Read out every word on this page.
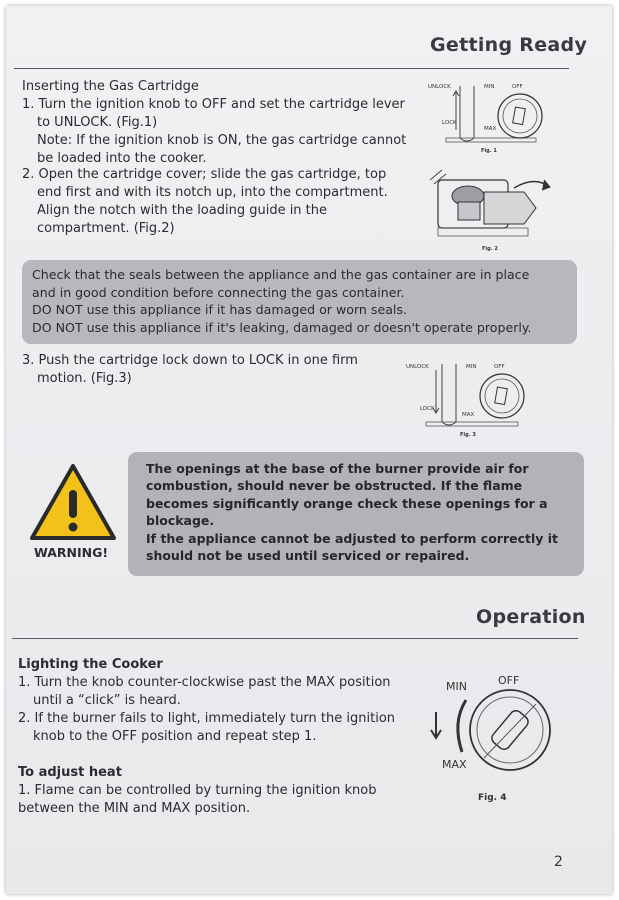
Getting Ready
Inserting the Gas Cartridge
1. Turn the ignition knob to OFF and set the cartridge lever
to UNLOCK. (Fig.1)
Note: If the ignition knob is ON, the gas cartridge cannot
be loaded into the cooker.
2. Open the cartridge cover; slide the gas cartridge, top
end first and with its notch up, into the compartment.
Align the notch with the loading guide in the
compartment. (Fig.2)
UNLOCK	MIN	OFF
LOCK
MAX
Fig. 1
Fig. 2
Check that the seals between the appliance and the gas container are in place
and in good condition before connecting the gas container.
DO NOT use this appliance if it has damaged or worn seals.
DO NOT use this appliance if it's leaking, damaged or doesn't operate properly.
3. Push the cartridge lock down to LOCK in one firm
motion. (Fig.3)
UNLOCK	MIN	OFF
LOCK
MAX
Fig. 3
WARNING!
The openings at the base of the burner provide air for
combustion, should never be obstructed. If the flame
becomes significantly orange check these openings for a
blockage.
If the appliance cannot be adjusted to perform correctly it
should not be used until serviced or repaired.
Operation
Lighting the Cooker
1. Turn the knob counter-clockwise past the MAX position
until a “click” is heard.
2. If the burner fails to light, immediately turn the ignition
knob to the OFF position and repeat step 1.
To adjust heat
1. Flame can be controlled by turning the ignition knob
between the MIN and MAX position.
MIN	OFF
MAX
Fig. 4
2
